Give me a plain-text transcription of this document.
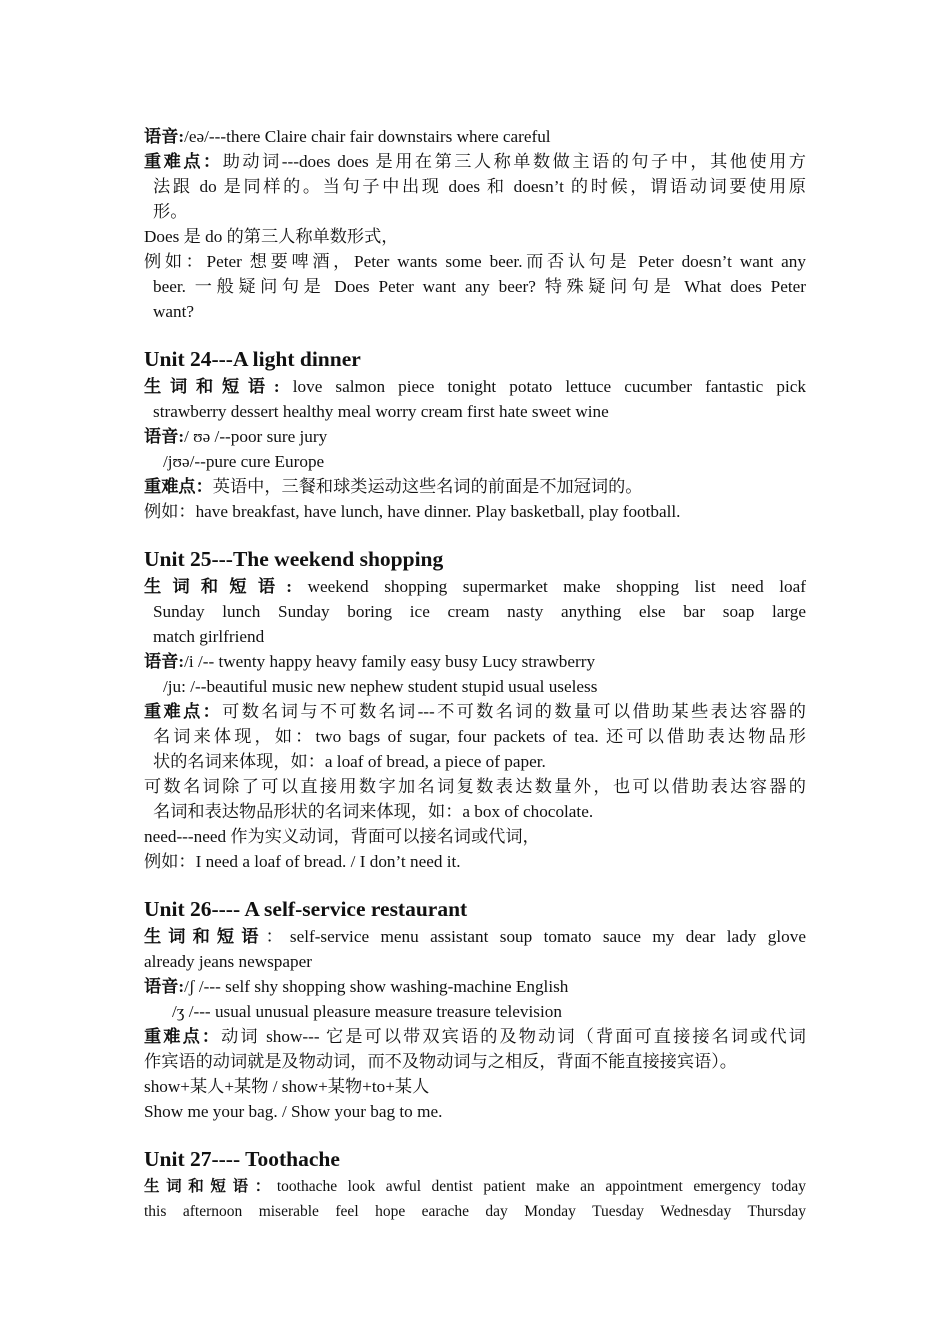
语音:/eə/---there Claire chair fair downstairs where careful
重难点：助动词---does does 是用在第三人称单数做主语的句子中，其他使用方
法跟 do 是同样的。当句子中出现 does 和 doesn’t 的时候，谓语动词要使用原
形。
Does 是 do 的第三人称单数形式，
例如：Peter 想要啤酒，Peter wants some beer.而否认句是 Peter doesn’t want any
beer. 一般疑问句是 Does Peter want any beer? 特殊疑问句是 What does Peter
want?
Unit 24---A light dinner
生词和短语: love salmon piece tonight potato lettuce cucumber fantastic pick
strawberry dessert healthy meal worry cream first hate sweet wine
语音:/ ʊə /--poor sure jury
/jʊə/--pure cure Europe
重难点：英语中，三餐和球类运动这些名词的前面是不加冠词的。
例如：have breakfast, have lunch, have dinner. Play basketball, play football.
Unit 25---The weekend shopping
生词和短语: weekend shopping supermarket make shopping list need loaf
Sunday lunch Sunday boring ice cream nasty anything else bar soap large
match girlfriend
语音:/i /-- twenty happy heavy family easy busy Lucy strawberry
/ju: /--beautiful music new nephew student stupid usual useless
重难点：可数名词与不可数名词---不可数名词的数量可以借助某些表达容器的
名词来体现，如：two bags of sugar, four packets of tea. 还可以借助表达物品形
状的名词来体现，如：a loaf of bread, a piece of paper.
可数名词除了可以直接用数字加名词复数表达数量外，也可以借助表达容器的
名词和表达物品形状的名词来体现，如：a box of chocolate.
need---need 作为实义动词，背面可以接名词或代词，
例如：I need a loaf of bread. / I don’t need it.
Unit 26---- A self-service restaurant
生词和短语：self-service menu assistant soup tomato sauce my dear lady glove
already jeans newspaper
语音:/ʃ /--- self shy shopping show washing-machine English
/ʒ /--- usual unusual pleasure measure treasure television
重难点：动词 show--- 它是可以带双宾语的及物动词（背面可直接接名词或代词
作宾语的动词就是及物动词，而不及物动词与之相反，背面不能直接接宾语）。
show+某人+某物 / show+某物+to+某人
Show me your bag. / Show your bag to me.
Unit 27---- Toothache
生词和短语：toothache look awful dentist patient make an appointment emergency today
this afternoon miserable feel hope earache day Monday Tuesday Wednesday Thursday
